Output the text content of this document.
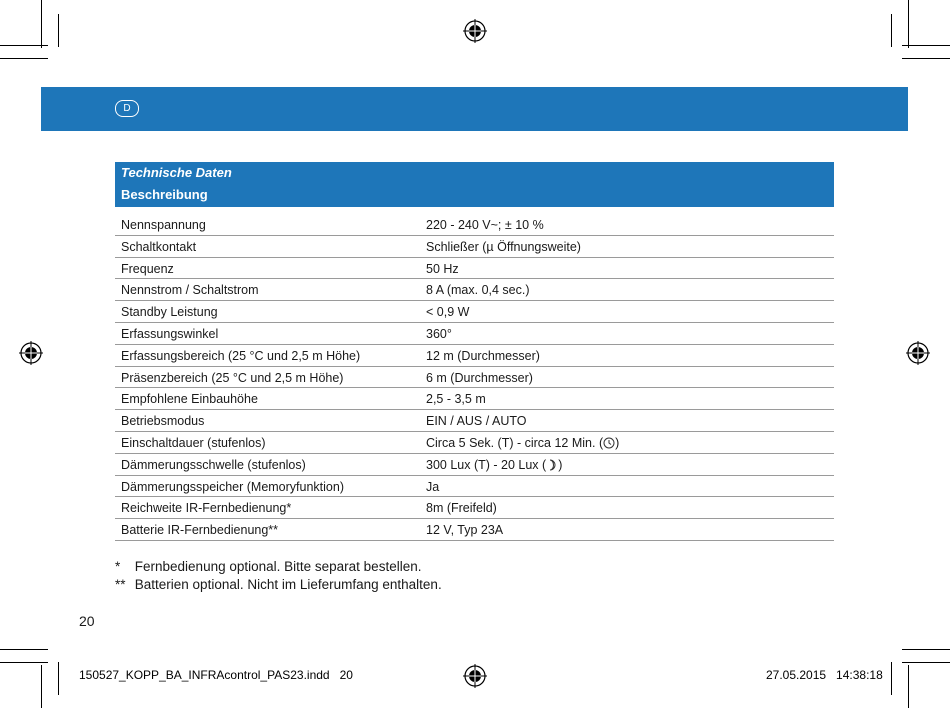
D
Technische Daten
Beschreibung
Nennspannung	220 - 240 V~; ± 10 %
Schaltkontakt	Schließer (µ Öffnungsweite)
Frequenz	50 Hz
Nennstrom / Schaltstrom	8 A (max. 0,4 sec.)
Standby Leistung	< 0,9 W
Erfassungswinkel	360°
Erfassungsbereich (25 °C und 2,5 m Höhe)	12 m (Durchmesser)
Präsenzbereich (25 °C und 2,5 m Höhe)	6 m (Durchmesser)
Empfohlene Einbauhöhe	2,5 - 3,5 m
Betriebsmodus	EIN / AUS / AUTO
Einschaltdauer (stufenlos)	Circa 5 Sek. (T) - circa 12 Min. ( )
Dämmerungsschwelle (stufenlos)	300 Lux (T) - 20 Lux ( )
Dämmerungsspeicher (Memoryfunktion)	Ja
Reichweite IR-Fernbedienung*	8m (Freifeld)
Batterie IR-Fernbedienung**	12 V, Typ 23A
* Fernbedienung optional. Bitte separat bestellen.
** Batterien optional. Nicht im Lieferumfang enthalten.
20
150527_KOPP_BA_INFRAcontrol_PAS23.indd   20	27.05.2015   14:38:18
